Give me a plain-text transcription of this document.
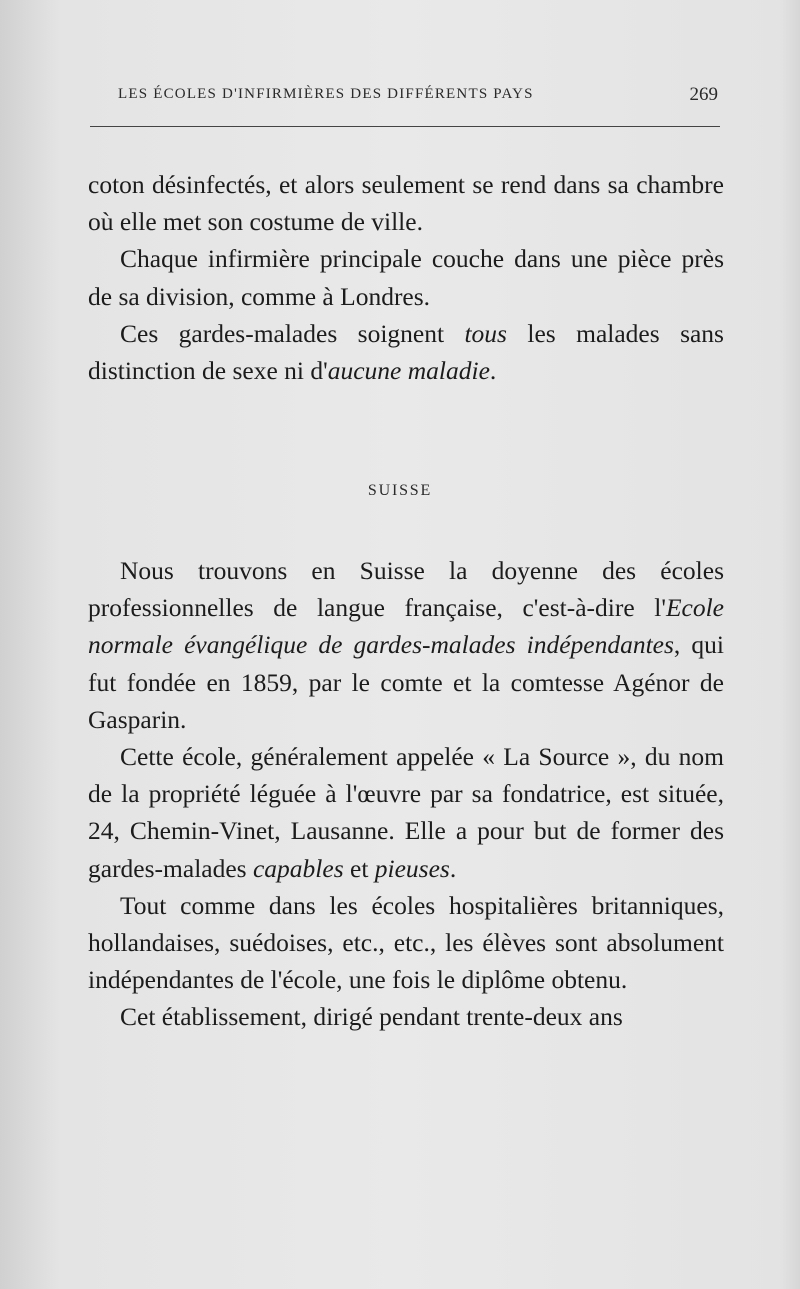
LES ÉCOLES D'INFIRMIÈRES DES DIFFÉRENTS PAYS	269

coton désinfectés, et alors seulement se rend dans sa chambre où elle met son costume de ville.

Chaque infirmière principale couche dans une pièce près de sa division, comme à Londres.

Ces gardes-malades soignent tous les malades sans distinction de sexe ni d'aucune maladie.

SUISSE

Nous trouvons en Suisse la doyenne des écoles professionnelles de langue française, c'est-à-dire l'Ecole normale évangélique de gardes-malades indépendantes, qui fut fondée en 1859, par le comte et la comtesse Agénor de Gasparin.

Cette école, généralement appelée « La Source », du nom de la propriété léguée à l'œuvre par sa fondatrice, est située, 24, Chemin-Vinet, Lausanne. Elle a pour but de former des gardes-malades capables et pieuses.

Tout comme dans les écoles hospitalières britanniques, hollandaises, suédoises, etc., etc., les élèves sont absolument indépendantes de l'école, une fois le diplôme obtenu.

Cet établissement, dirigé pendant trente-deux ans
